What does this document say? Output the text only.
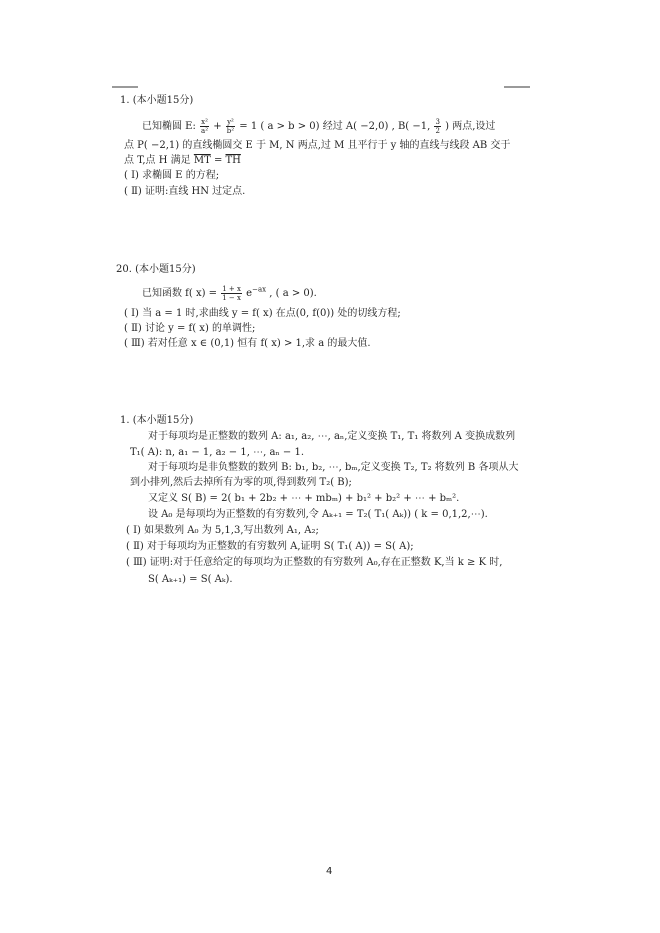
1. (本小题15分)
已知椭圆 E: $\frac{\text{x²}}{\text{a²}} + \frac{\text{y²}}{\text{b²}} = 1$ ( a > b > 0) 经过 A( −2,0) , B( −1, $\frac{3}{2}$ ) 两点,设过
点 P( −2,1) 的直线椭圆交 E 于 M, N 两点,过 M 且平行于 y 轴的直线与线段 AB 交于
点 T,点 H 满足 $\overline{MT} = \overline{TH}$
( Ⅰ) 求椭圆 E 的方程;
( Ⅱ) 证明:直线 HN 过定点.
20. (本小题15分)
已知函数 f( $x) = \frac{1 + x}{1 - x} e^{-ax}$ , ( a > 0).
( Ⅰ) 当 a = 1 时,求曲线 y = f( x) 在点(0, f(0)) 处的切线方程;
( Ⅱ) 讨论 y = f( x) 的单调性;
( Ⅲ) 若对任意 x ∈ (0,1) 恒有 f( x) > 1,求 a 的最大值.
1. (本小题15分)
对于每项均是正整数的数列 A: a₁, a₂, ⋯, aₙ,定义变换 T₁, T₁ 将数列 A 变换成数列
T₁( A): n, a₁ − 1, a₂ − 1, ⋯, aₙ − 1.
对于每项均是非负整数的数列 B: b₁, b₂, ⋯, bₘ,定义变换 T₂, T₂ 将数列 B 各项从大
到小排列,然后去掉所有为零的项,得到数列 T₂( B);
又定义 S( B) = 2( b₁ + 2b₂ + ⋯ + mbₘ) + b₁² + b₂² + ⋯ + bₘ².
设 A₀ 是每项均为正整数的有穷数列,令 Aₖ₊₁ = T₂( T₁( Aₖ)) ( k = 0,1,2,⋯).
( Ⅰ) 如果数列 A₀ 为 5,1,3,写出数列 A₁, A₂;
( Ⅱ) 对于每项均为正整数的有穷数列 A,证明 S( T₁( A)) = S( A);
( Ⅲ) 证明:对于任意给定的每项均为正整数的有穷数列 A₀,存在正整数 K,当 k ≥ K 时,
S( Aₖ₊₁) = S( Aₖ).
4
